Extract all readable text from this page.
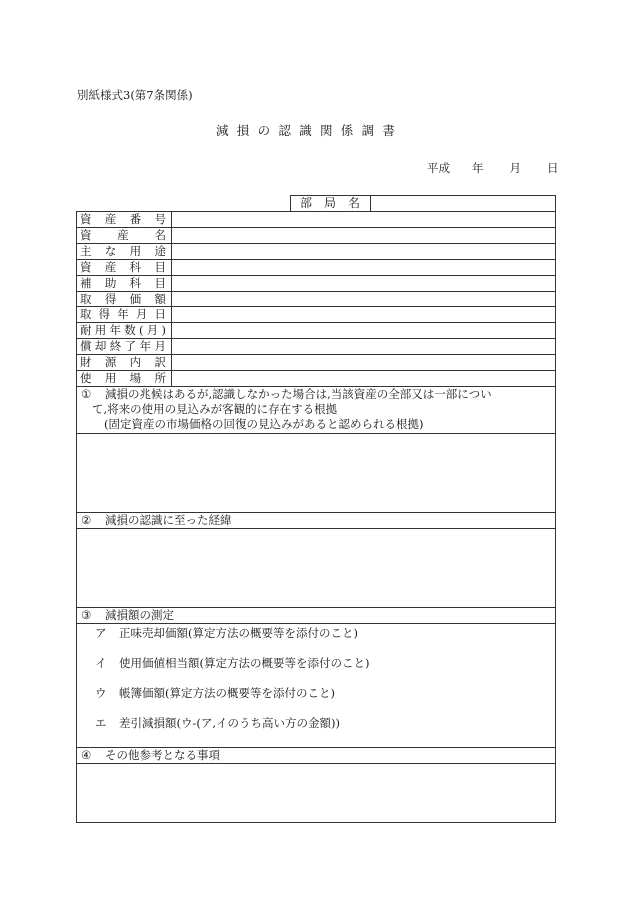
別紙様式3(第7条関係)
減損の認識関係調書
平成 年 月 日
部 局 名
資 産 番 号
資 産 名
主 な 用 途
資 産 科 目
補 助 科 目
取 得 価 額
取 得 年 月 日
耐 用 年 数 ( 月 )
償 却 終 了 年 月
財 源 内 訳
使 用 場 所
① 減損の兆候はあるが,認識しなかった場合は,当該資産の全部又は一部につい
て,将来の使用の見込みが客観的に存在する根拠
(固定資産の市場価格の回復の見込みがあると認められる根拠)
② 減損の認識に至った経緯
③ 減損額の測定
ア 正味売却価額(算定方法の概要等を添付のこと)
イ 使用価値相当額(算定方法の概要等を添付のこと)
ウ 帳簿価額(算定方法の概要等を添付のこと)
エ 差引減損額(ウ-(ア,イのうち高い方の金額))
④ その他参考となる事項
